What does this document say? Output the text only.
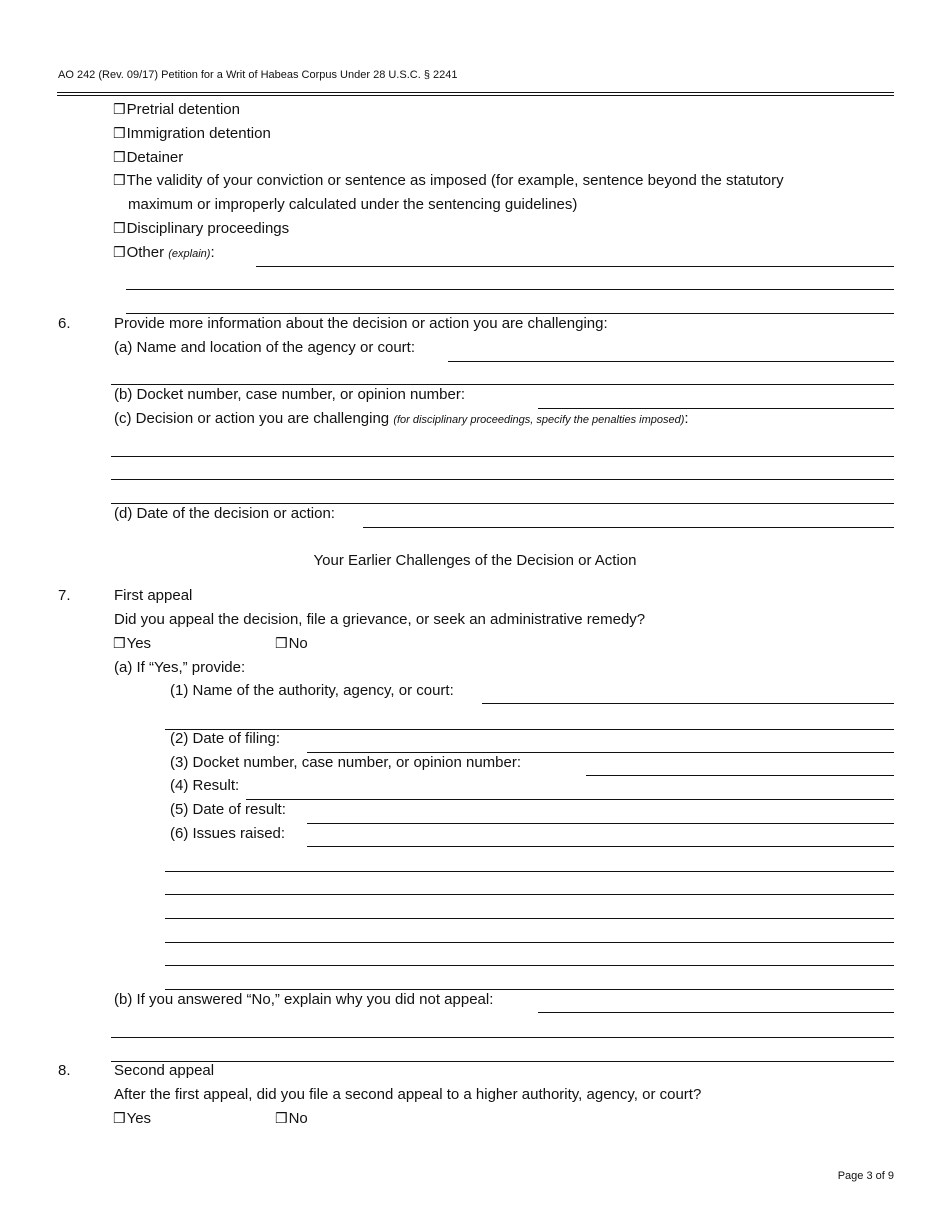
AO 242 (Rev. 09/17) Petition for a Writ of Habeas Corpus Under 28 U.S.C. § 2241
❒Pretrial detention
❒Immigration detention
❒Detainer
❒The validity of your conviction or sentence as imposed (for example, sentence beyond the statutory
maximum or improperly calculated under the sentencing guidelines)
❒Disciplinary proceedings
❒Other (explain):
6.	Provide more information about the decision or action you are challenging:
(a) Name and location of the agency or court:
(b) Docket number, case number, or opinion number:
(c) Decision or action you are challenging (for disciplinary proceedings, specify the penalties imposed):
(d) Date of the decision or action:
Your Earlier Challenges of the Decision or Action
7.	First appeal
Did you appeal the decision, file a grievance, or seek an administrative remedy?
❒Yes	❒No
(a) If “Yes,” provide:
(1) Name of the authority, agency, or court:
(2) Date of filing:
(3) Docket number, case number, or opinion number:
(4) Result:
(5) Date of result:
(6) Issues raised:
(b) If you answered “No,” explain why you did not appeal:
8.	Second appeal
After the first appeal, did you file a second appeal to a higher authority, agency, or court?
❒Yes	❒No
Page 3 of 9
